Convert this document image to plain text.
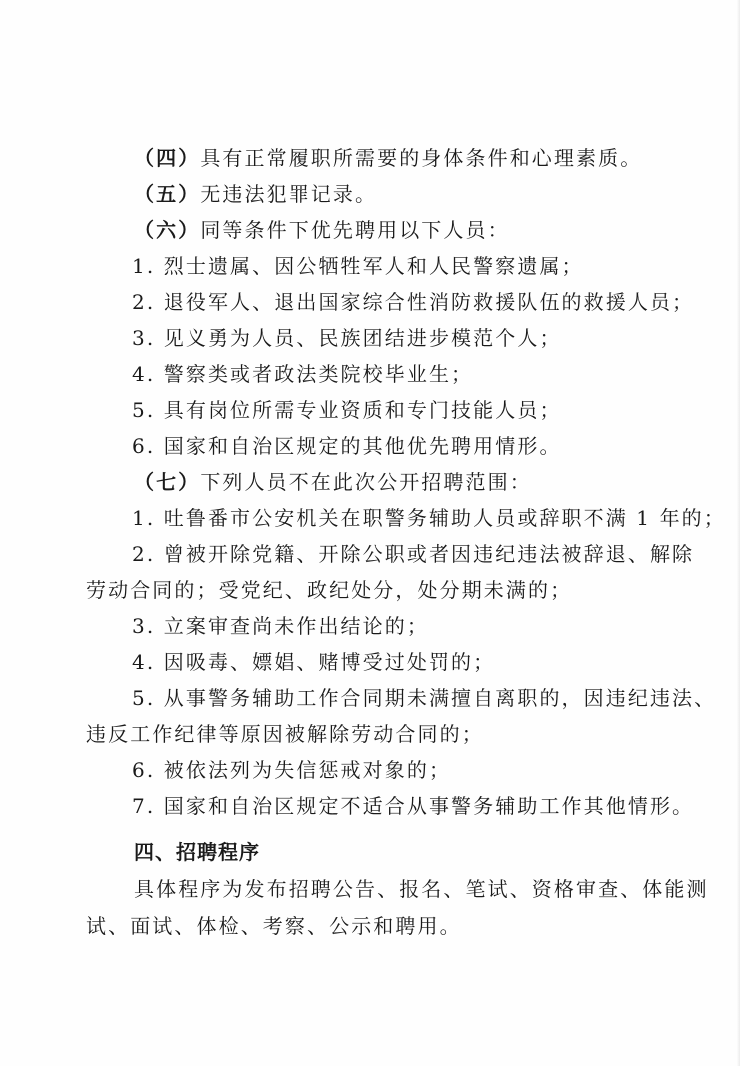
（四）具有正常履职所需要的身体条件和心理素质。
（五）无违法犯罪记录。
（六）同等条件下优先聘用以下人员：
1. 烈士遗属、因公牺牲军人和人民警察遗属；
2. 退役军人、退出国家综合性消防救援队伍的救援人员；
3. 见义勇为人员、民族团结进步模范个人；
4. 警察类或者政法类院校毕业生；
5. 具有岗位所需专业资质和专门技能人员；
6. 国家和自治区规定的其他优先聘用情形。
（七）下列人员不在此次公开招聘范围：
1. 吐鲁番市公安机关在职警务辅助人员或辞职不满 1 年的；
2. 曾被开除党籍、开除公职或者因违纪违法被辞退、解除
劳动合同的；受党纪、政纪处分，处分期未满的；
3. 立案审查尚未作出结论的；
4. 因吸毒、嫖娼、赌博受过处罚的；
5. 从事警务辅助工作合同期未满擅自离职的，因违纪违法、
违反工作纪律等原因被解除劳动合同的；
6. 被依法列为失信惩戒对象的；
7. 国家和自治区规定不适合从事警务辅助工作其他情形。
四、招聘程序
具体程序为发布招聘公告、报名、笔试、资格审查、体能测
试、面试、体检、考察、公示和聘用。
